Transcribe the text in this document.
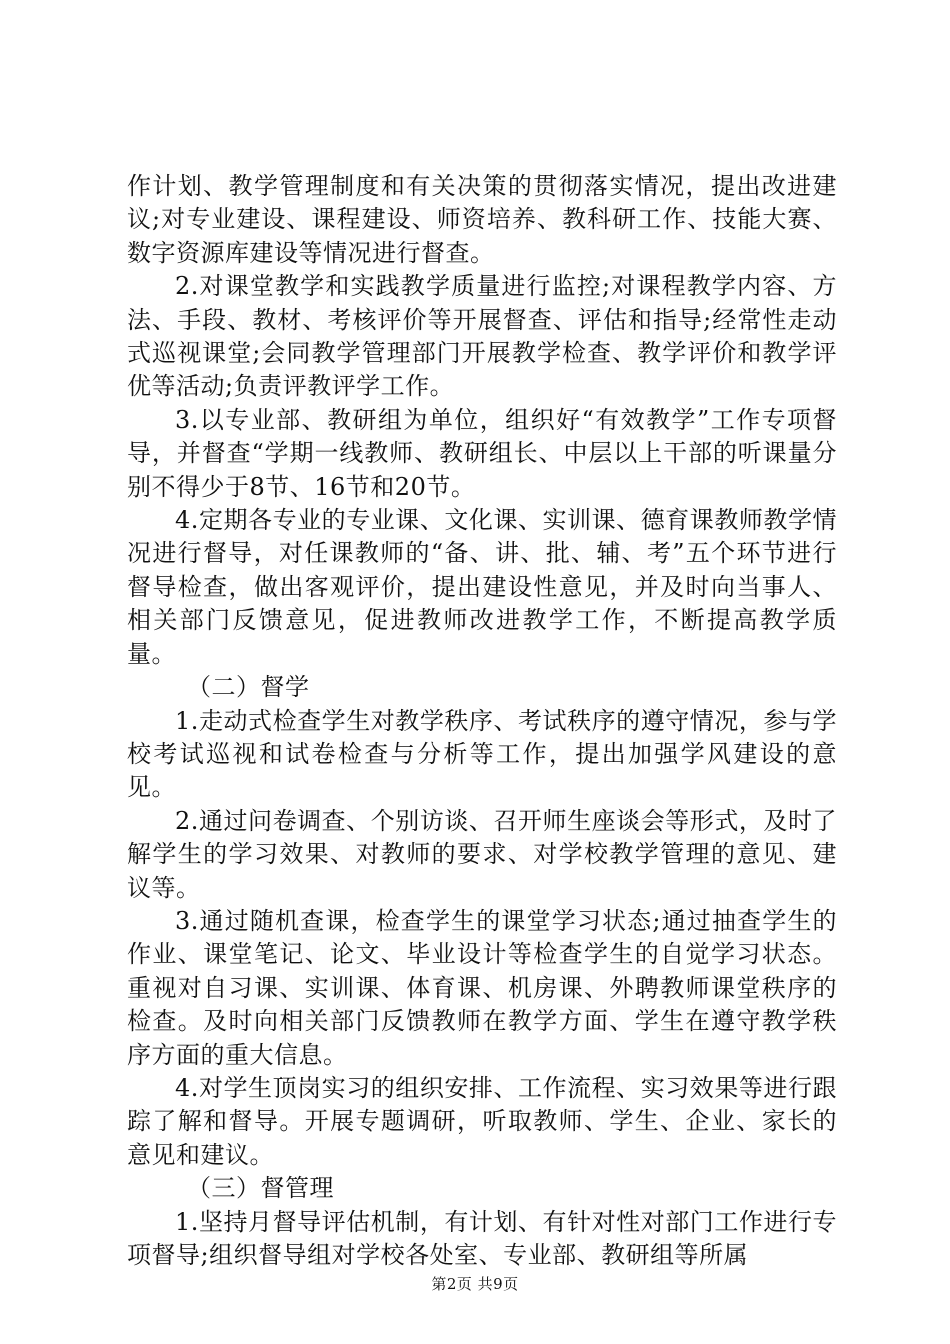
作计划、教学管理制度和有关决策的贯彻落实情况，提出改进建议;对专业建设、课程建设、师资培养、教科研工作、技能大赛、数字资源库建设等情况进行督查。

2.对课堂教学和实践教学质量进行监控;对课程教学内容、方法、手段、教材、考核评价等开展督查、评估和指导;经常性走动式巡视课堂;会同教学管理部门开展教学检查、教学评价和教学评优等活动;负责评教评学工作。

3.以专业部、教研组为单位，组织好“有效教学”工作专项督导，并督查“学期一线教师、教研组长、中层以上干部的听课量分别不得少于8节、16节和20节。

4.定期各专业的专业课、文化课、实训课、德育课教师教学情况进行督导，对任课教师的“备、讲、批、辅、考”五个环节进行督导检查，做出客观评价，提出建设性意见，并及时向当事人、相关部门反馈意见，促进教师改进教学工作，不断提高教学质量。

（二）督学

1.走动式检查学生对教学秩序、考试秩序的遵守情况，参与学校考试巡视和试卷检查与分析等工作，提出加强学风建设的意见。

2.通过问卷调查、个别访谈、召开师生座谈会等形式，及时了解学生的学习效果、对教师的要求、对学校教学管理的意见、建议等。

3.通过随机查课，检查学生的课堂学习状态;通过抽查学生的作业、课堂笔记、论文、毕业设计等检查学生的自觉学习状态。重视对自习课、实训课、体育课、机房课、外聘教师课堂秩序的检查。及时向相关部门反馈教师在教学方面、学生在遵守教学秩序方面的重大信息。

4.对学生顶岗实习的组织安排、工作流程、实习效果等进行跟踪了解和督导。开展专题调研，听取教师、学生、企业、家长的意见和建议。

（三）督管理

1.坚持月督导评估机制，有计划、有针对性对部门工作进行专项督导;组织督导组对学校各处室、专业部、教研组等所属

第2页 共9页
